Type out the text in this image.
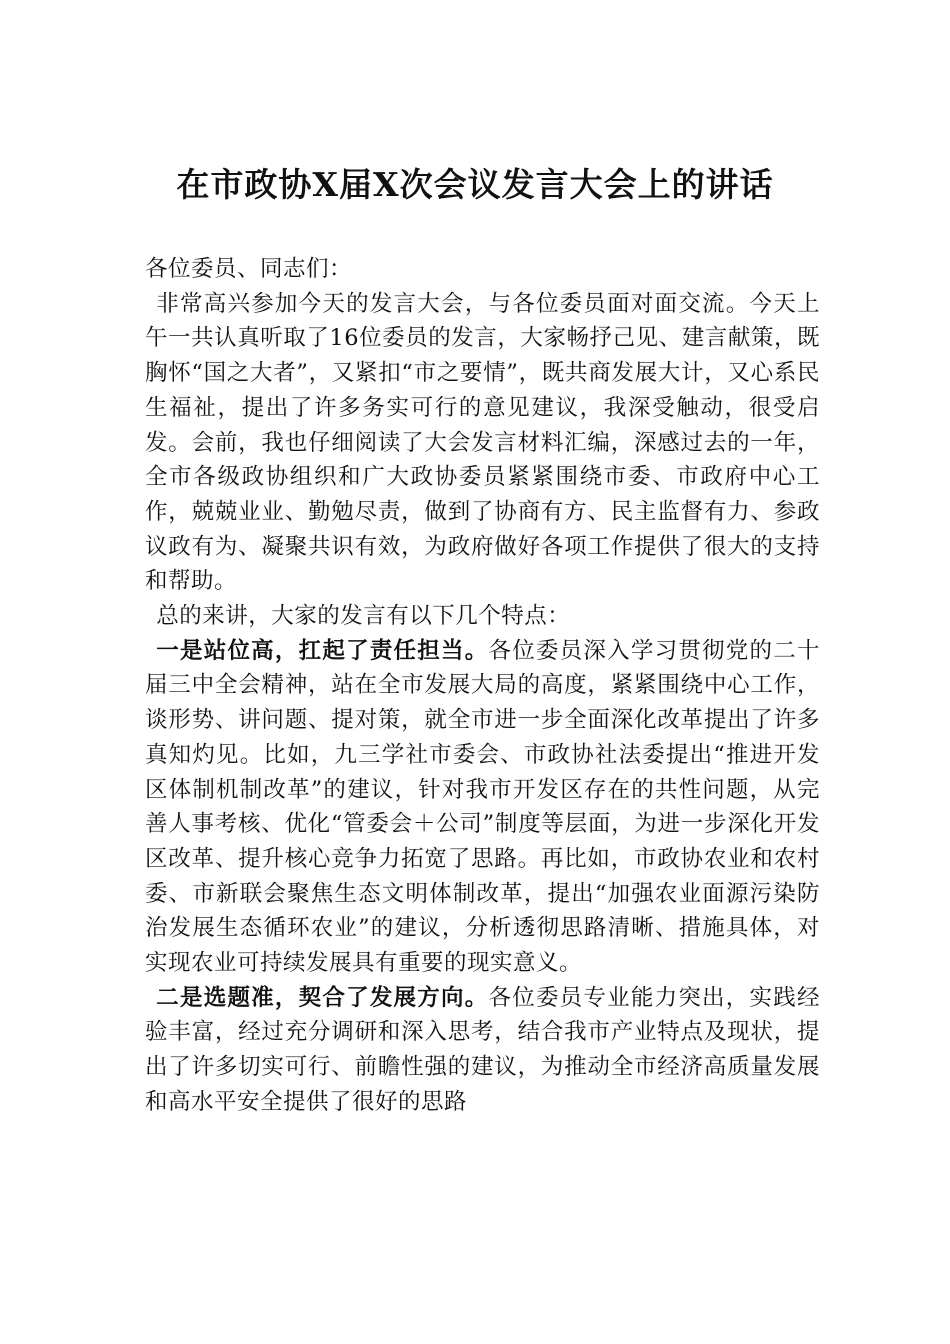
在市政协X届X次会议发言大会上的讲话

各位委员、同志们：

非常高兴参加今天的发言大会，与各位委员面对面交流。今天上午一共认真听取了16位委员的发言，大家畅抒己见、建言献策，既胸怀“国之大者”，又紧扣“市之要情”，既共商发展大计，又心系民生福祉，提出了许多务实可行的意见建议，我深受触动，很受启发。会前，我也仔细阅读了大会发言材料汇编，深感过去的一年，全市各级政协组织和广大政协委员紧紧围绕市委、市政府中心工作，兢兢业业、勤勉尽责，做到了协商有方、民主监督有力、参政议政有为、凝聚共识有效，为政府做好各项工作提供了很大的支持和帮助。

总的来讲，大家的发言有以下几个特点：

一是站位高，扛起了责任担当。各位委员深入学习贯彻党的二十届三中全会精神，站在全市发展大局的高度，紧紧围绕中心工作，谈形势、讲问题、提对策，就全市进一步全面深化改革提出了许多真知灼见。比如，九三学社市委会、市政协社法委提出“推进开发区体制机制改革”的建议，针对我市开发区存在的共性问题，从完善人事考核、优化“管委会＋公司”制度等层面，为进一步深化开发区改革、提升核心竞争力拓宽了思路。再比如，市政协农业和农村委、市新联会聚焦生态文明体制改革，提出“加强农业面源污染防治发展生态循环农业”的建议，分析透彻思路清晰、措施具体，对实现农业可持续发展具有重要的现实意义。

二是选题准，契合了发展方向。各位委员专业能力突出，实践经验丰富，经过充分调研和深入思考，结合我市产业特点及现状，提出了许多切实可行、前瞻性强的建议，为推动全市经济高质量发展和高水平安全提供了很好的思路
